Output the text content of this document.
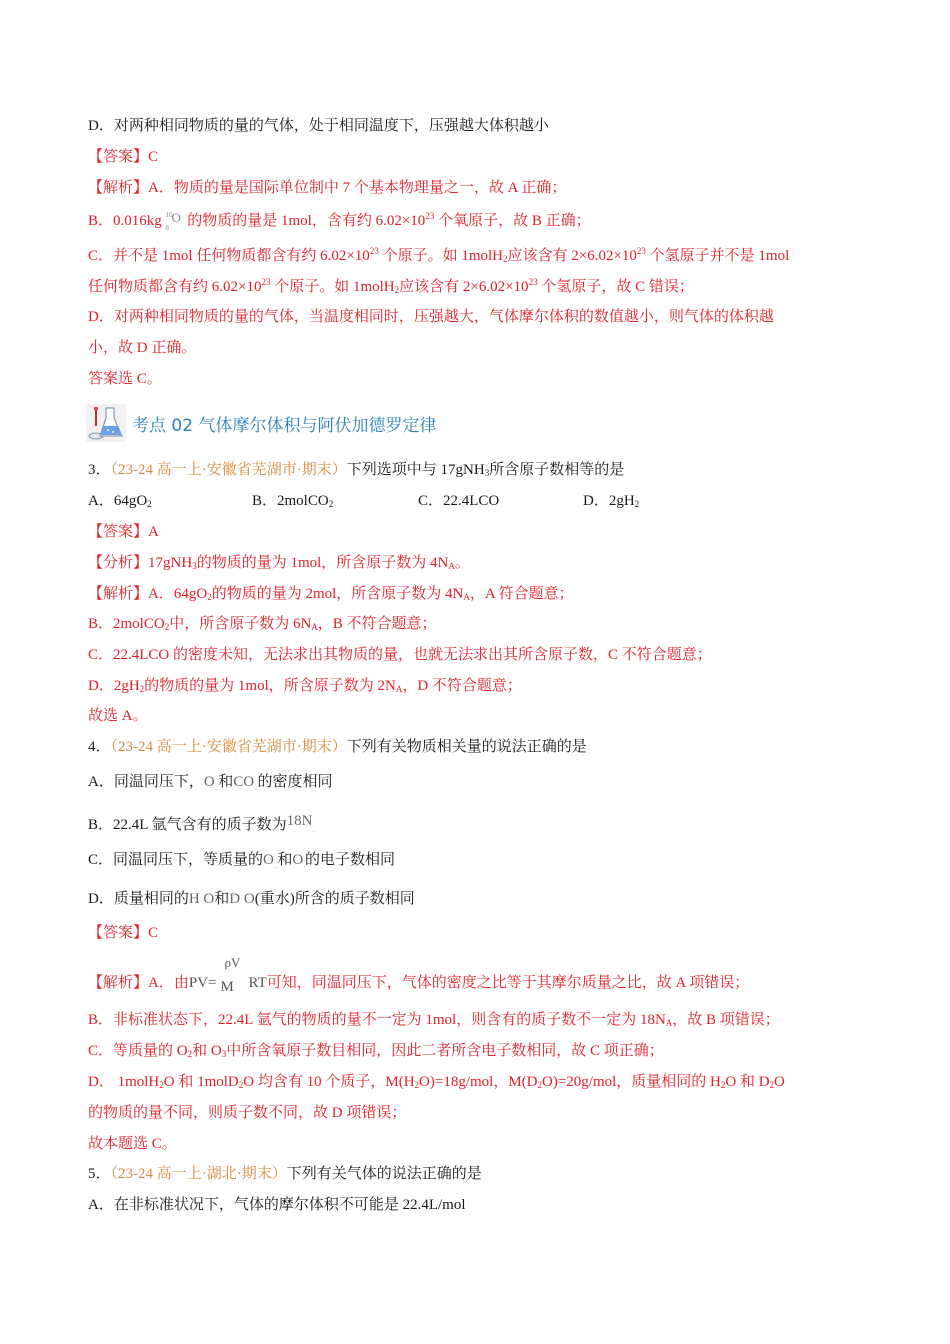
D．对两种相同物质的量的气体，处于相同温度下，压强越大体积越小
【答案】C
【解析】A．物质的量是国际单位制中 7 个基本物理量之一，故 A 正确；
B．0.016kg 16
8
O 的物质的量是 1mol，含有约 $6.02\times 10^{23}$ 个氧原子，故 B 正确；
C．并不是 1mol 任何物质都含有约 $6.02\times 10^{23}$ 个原子。如 1molH$_2$应该含有 $2\times 6.02\times 10^{23}$ 个氢原子并不是 1mol
任何物质都含有约 $6.02\times 10^{23}$ 个原子。如 1molH$_2$应该含有 $2\times 6.02\times 10^{23}$ 个氢原子，故 C 错误；
D．对两种相同物质的量的气体，当温度相同时，压强越大，气体摩尔体积的数值越小，则气体的体积越
小，故 D 正确。
答案选 C。
考点 02 气体摩尔体积与阿伏加德罗定律
3．（23-24 高一上·安徽省芜湖市·期末）下列选项中与 17gNH$_3$所含原子数相等的是
A．$64gO_2$	B．2molCO$_2$	C．22.4LCO	D．$2gH_2$
【答案】A
【分析】17gNH$_3$的物质的量为 1mol，所含原子数为 $4N_A$。
【解析】A．$64gO_2$的物质的量为 2mol，所含原子数为 $4N_A$，A 符合题意；
B．2molCO$_2$中，所含原子数为 $6N_A$，B 不符合题意；
C．22.4LCO 的密度未知，无法求出其物质的量，也就无法求出其所含原子数，C 不符合题意；
D．$2gH_2$的物质的量为 1mol，所含原子数为 $2N_A$，D 不符合题意；
故选 A。
4．（23-24 高一上·安徽省芜湖市·期末）下列有关物质相关量的说法正确的是
A．同温同压下，$O_{\_}$和$CO_{\_}$的密度相同
B．22.4L 氩气含有的质子数为$18N_.$
C．同温同压下，等质量的$O_{\_}$和$O_.$的电子数相同
D．质量相同的H O和D O(重水)所含的质子数相同
【答案】C
【解析】A．由PV=
ρV
M RT可知，同温同压下，气体的密度之比等于其摩尔质量之比，故 A 项错误；
B．非标准状态下，22.4L 氩气的物质的量不一定为 1mol，则含有的质子数不一定为 $18N_A$，故 B 项错误；
C．等质量的 $O_2$和 $O_3$中所含氧原子数目相同，因此二者所含电子数相同，故 C 项正确；
D． 1molH$_2$O 和 1molD$_2$O 均含有 10 个质子，$M(H_2O)=18g$/mol，$M(D_2O)=20g$/mol，质量相同的 $H_2O$ 和 $D_2O$
的物质的量不同，则质子数不同，故 D 项错误；
故本题选 C。
5．（23-24 高一上·湖北·期末）下列有关气体的说法正确的是
A．在非标准状况下，气体的摩尔体积不可能是 22.4L/mol
